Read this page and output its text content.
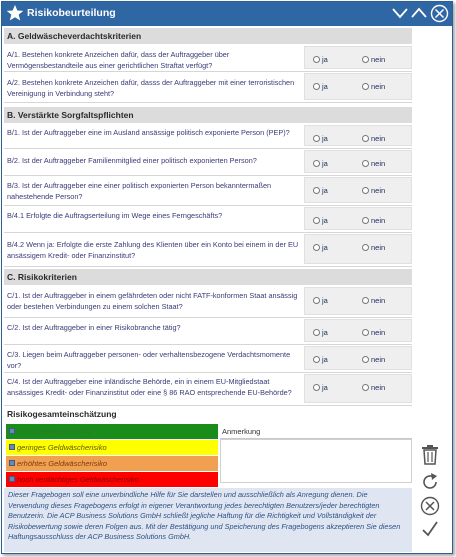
Risikobeurteilung
A. Geldwäscheverdachtskriterien
A/1. Bestehen konkrete Anzeichen dafür, dass der Auftraggeber über Vermögensbestandteile aus einer gerichtlichen Straftat verfügt?
ja	nein
A/2. Bestehen konkrete Anzeichen dafür, dasss der Auftraggeber mit einer terroristischen Vereinigung in Verbindung steht?
ja	nein
B. Verstärkte Sorgfaltspflichten
B/1. Ist der Auftraggeber eine im Ausland ansässige politisch exponierte Person (PEP)?
ja	nein
B/2. Ist der Auftraggeber Familienmitglied einer politisch exponierten Person?	ja	nein
B/3. Ist der Auftraggeber eine einer politisch exponierten Person bekanntermaßen nahestehende Person?
ja	nein
B/4.1 Erfolgte die Auftragserteilung im Wege eines Ferngeschäfts?
ja	nein
B/4.2 Wenn ja: Erfolgte die erste Zahlung des Klienten über ein Konto bei einem in der EU ansässigem Kredit- oder Finanzinstitut?
ja	nein
C. Risikokriterien
C/1. Ist der Auftraggeber in einem gefährdeten oder nicht FATF-konformen Staat ansässig oder bestehen Verbindungen zu einem solchen Staat?
ja	nein
C/2. Ist der Auftraggeber in einer Risikobranche tätig?
ja	nein
C/3. Liegen beim Auftraggeber personen- oder verhaltensbezogene Verdachtsmomente vor?
ja	nein
C/4. Ist der Auftraggeber eine inländische Behörde, ein in einem EU-Mitgliedstaat ansässiges Kredit- oder Finanzinstitut oder eine § 86 RAO entsprechende EU-Behörde?
ja	nein
Risikogesamteinschätzung
kein Geldwäscherisiko
geringes Geldwäscherisiko
erhöhtes Geldwäscherisiko
hoch verdächtiges Geldwäscherisiko
Anmerkung
Dieser Fragebogen soll eine unverbindliche Hilfe für Sie darstellen und ausschließlich als Anregung dienen. Die Verwendung dieses Fragebogens erfolgt in eigener Verantwortung jedes berechtigten Benutzers/jeder berechtigten Benutzerin. Die ACP Business Solutions GmbH schließt jegliche Haftung für die Richtigkeit und Vollständigkeit der Risikobewertung sowie deren Folgen aus. Mit der Bestätigung und Speicherung des Fragebogens akzeptieren Sie diesen Haftungsausschluss der ACP Business Solutions GmbH.
